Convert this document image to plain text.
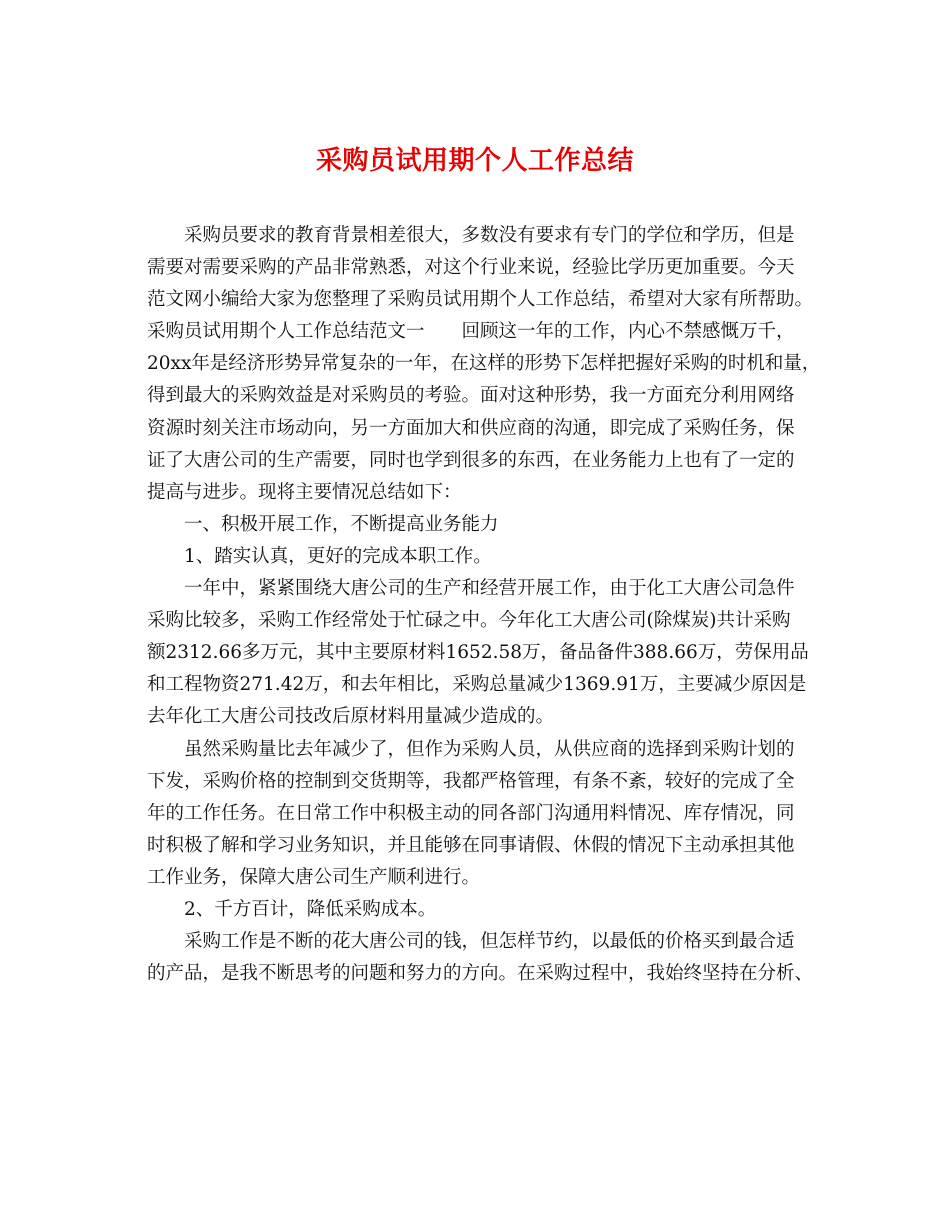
采购员试用期个人工作总结
采购员要求的教育背景相差很大，多数没有要求有专门的学位和学历，但是
需要对需要采购的产品非常熟悉，对这个行业来说，经验比学历更加重要。今天
范文网小编给大家为您整理了采购员试用期个人工作总结，希望对大家有所帮助。
采购员试用期个人工作总结范文一　　回顾这一年的工作，内心不禁感慨万千，
20xx年是经济形势异常复杂的一年，在这样的形势下怎样把握好采购的时机和量，
得到最大的采购效益是对采购员的考验。面对这种形势，我一方面充分利用网络
资源时刻关注市场动向，另一方面加大和供应商的沟通，即完成了采购任务，保
证了大唐公司的生产需要，同时也学到很多的东西，在业务能力上也有了一定的
提高与进步。现将主要情况总结如下：
一、积极开展工作，不断提高业务能力
1、踏实认真，更好的完成本职工作。
一年中，紧紧围绕大唐公司的生产和经营开展工作，由于化工大唐公司急件
采购比较多，采购工作经常处于忙碌之中。今年化工大唐公司(除煤炭)共计采购
额2312.66多万元，其中主要原材料1652.58万，备品备件388.66万，劳保用品
和工程物资271.42万，和去年相比，采购总量减少1369.91万，主要减少原因是
去年化工大唐公司技改后原材料用量减少造成的。
虽然采购量比去年减少了，但作为采购人员，从供应商的选择到采购计划的
下发，采购价格的控制到交货期等，我都严格管理，有条不紊，较好的完成了全
年的工作任务。在日常工作中积极主动的同各部门沟通用料情况、库存情况，同
时积极了解和学习业务知识，并且能够在同事请假、休假的情况下主动承担其他
工作业务，保障大唐公司生产顺利进行。
2、千方百计，降低采购成本。
采购工作是不断的花大唐公司的钱，但怎样节约，以最低的价格买到最合适
的产品，是我不断思考的问题和努力的方向。在采购过程中，我始终坚持在分析、
